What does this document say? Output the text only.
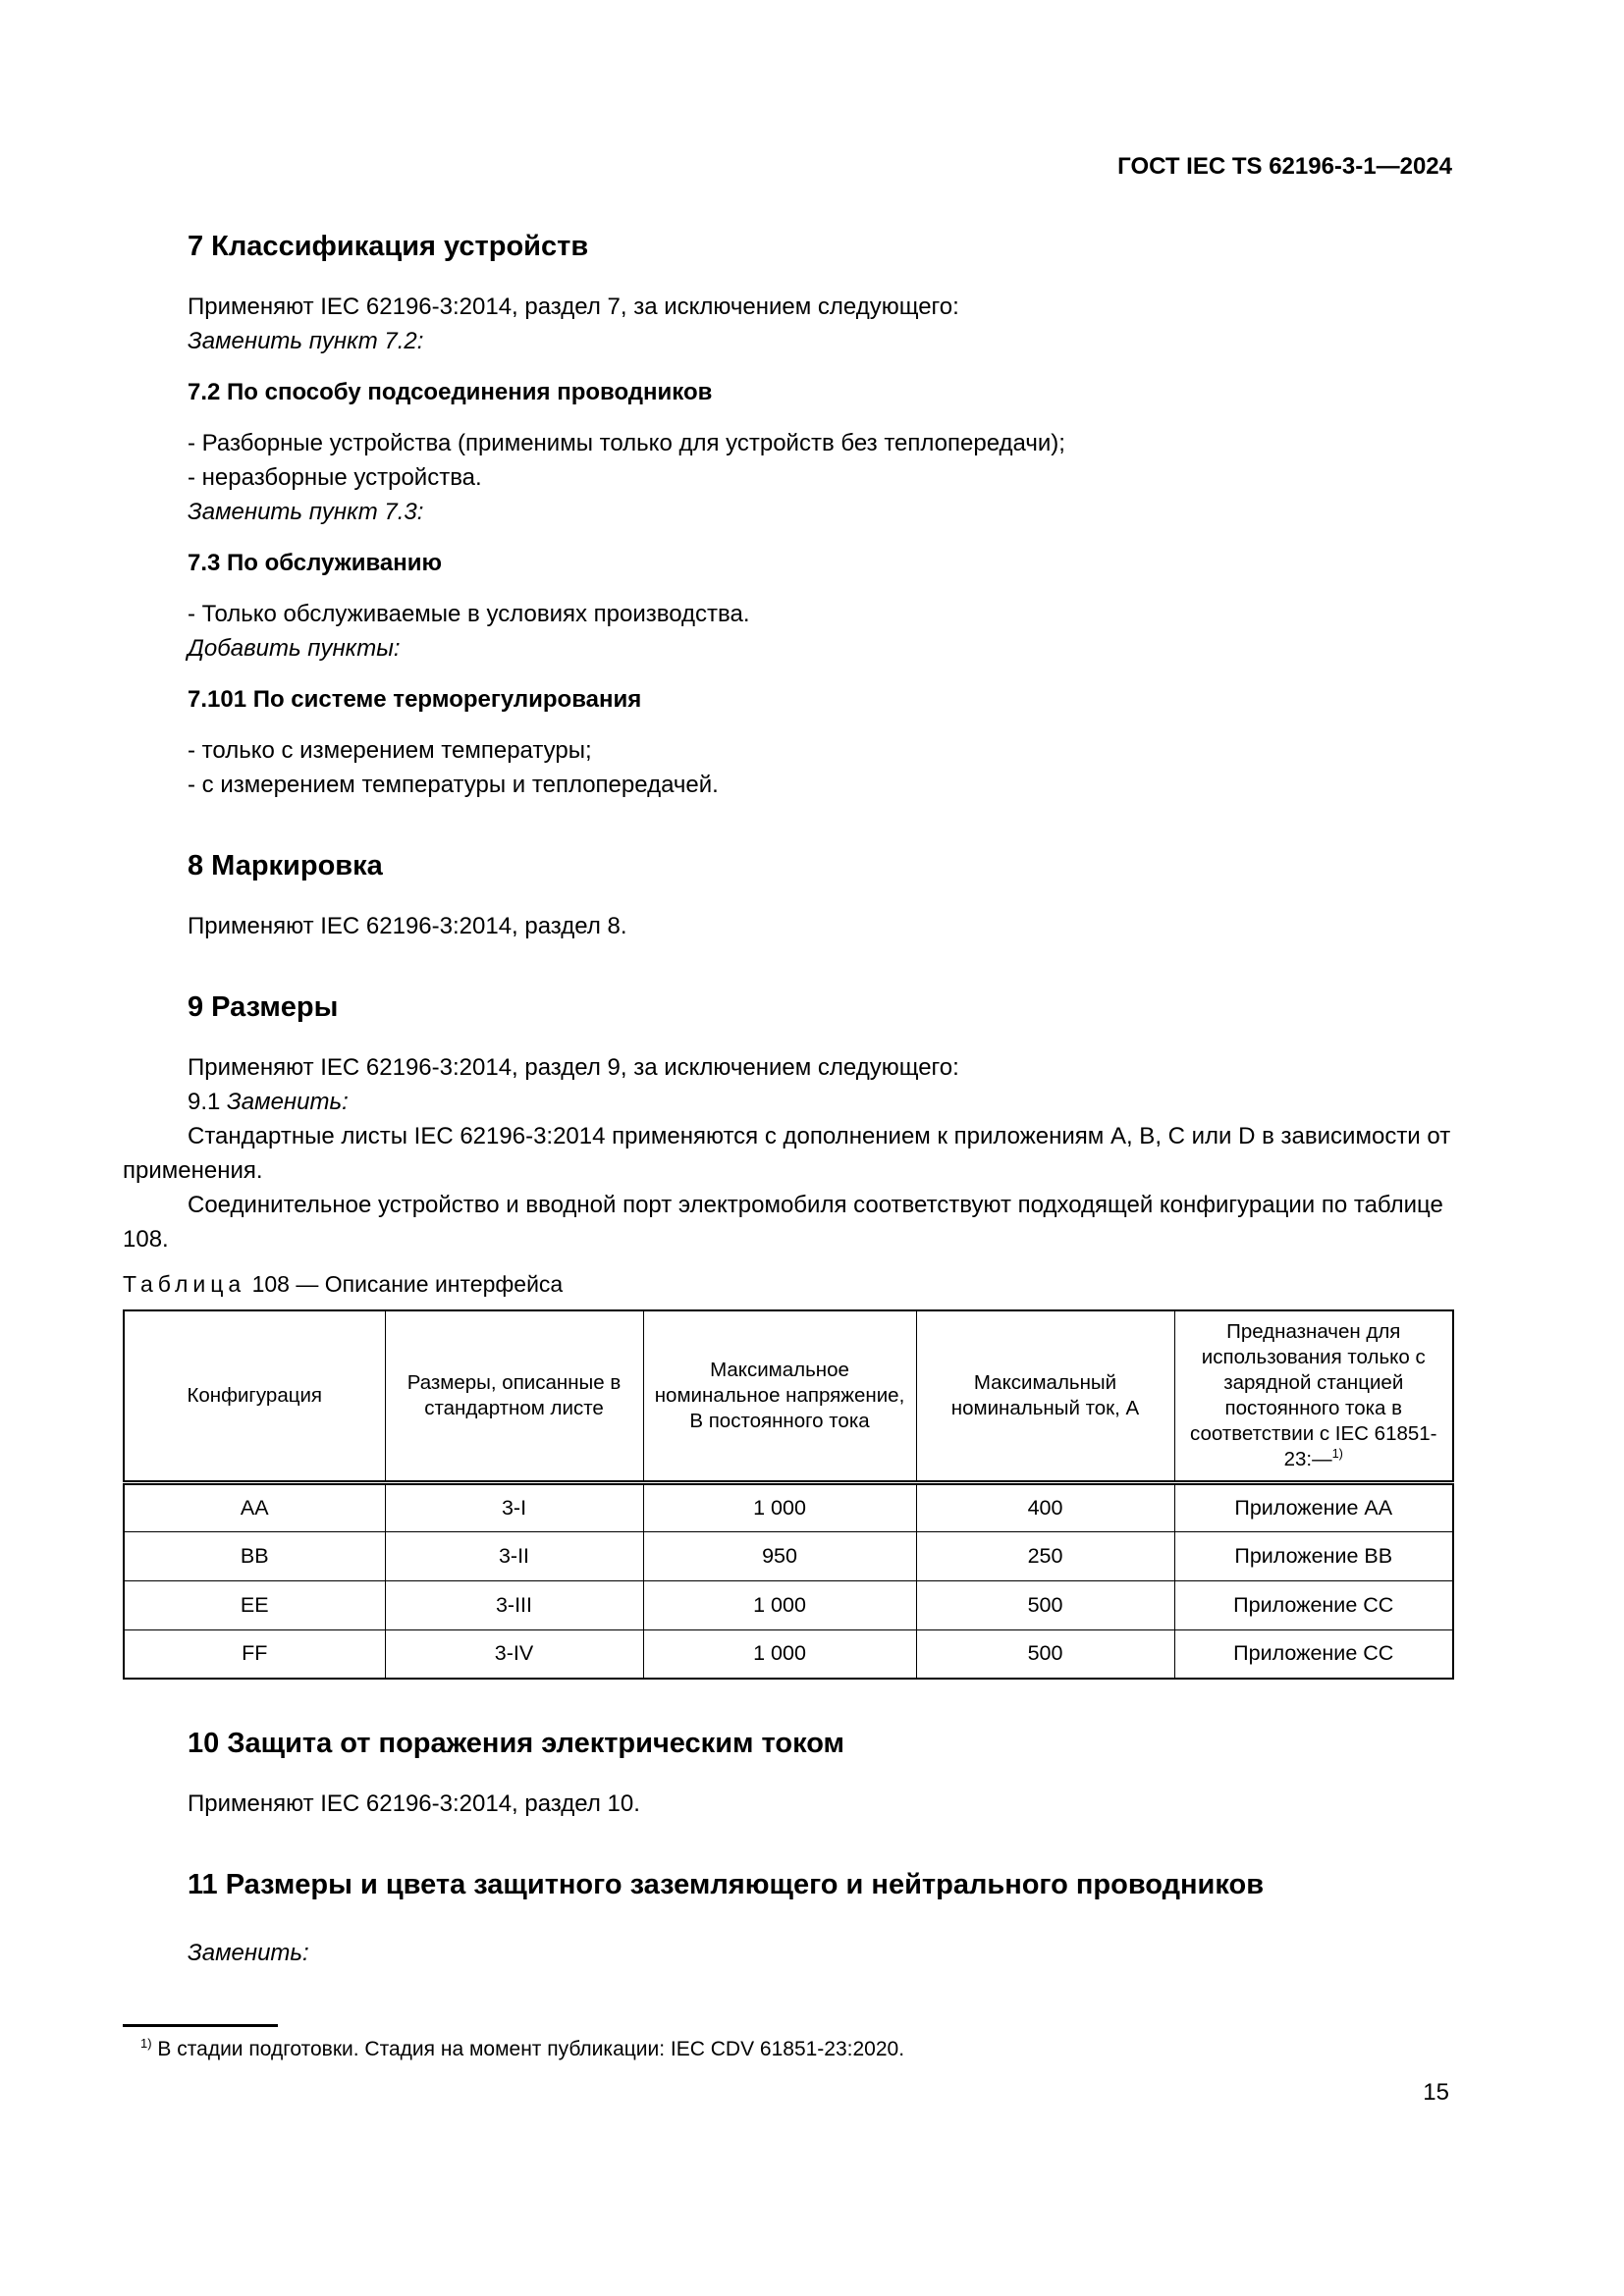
ГОСТ IEC TS 62196-3-1—2024
7 Классификация устройств

Применяют IEC 62196-3:2014, раздел 7, за исключением следующего:

Заменить пункт 7.2:

7.2 По способу подсоединения проводников

- Разборные устройства (применимы только для устройств без теплопередачи);

- неразборные устройства.

Заменить пункт 7.3:

7.3 По обслуживанию

- Только обслуживаемые в условиях производства.

Добавить пункты:

7.101 По системе терморегулирования

- только с измерением температуры;

- с измерением температуры и теплопередачей.

8 Маркировка

Применяют IEC 62196-3:2014, раздел 8.

9 Размеры

Применяют IEC 62196-3:2014, раздел 9, за исключением следующего:

9.1 Заменить:

Стандартные листы IEC 62196-3:2014 применяются с дополнением к приложениям A, B, C или D в зависимости от применения.

Соединительное устройство и вводной порт электромобиля соответствуют подходящей конфигурации по таблице 108.

Таблица 108 — Описание интерфейса

Конфигурация	Размеры, описанные в стандартном листе	Максимальное номинальное напряжение, В постоянного тока	Максимальный номинальный ток, А	Предназначен для использования только с зарядной станцией постоянного тока в соответствии с IEC 61851-23:—$^{1)}$
AA	3-I	1 000	400	Приложение AA
BB	3-II	950	250	Приложение BB
EE	3-III	1 000	500	Приложение CC
FF	3-IV	1 000	500	Приложение CC
10 Защита от поражения электрическим током

Применяют IEC 62196-3:2014, раздел 10.

11 Размеры и цвета защитного заземляющего и нейтрального проводников

Заменить:

$^{1)}$ В стадии подготовки. Стадия на момент публикации: IEC CDV 61851-23:2020.

15
